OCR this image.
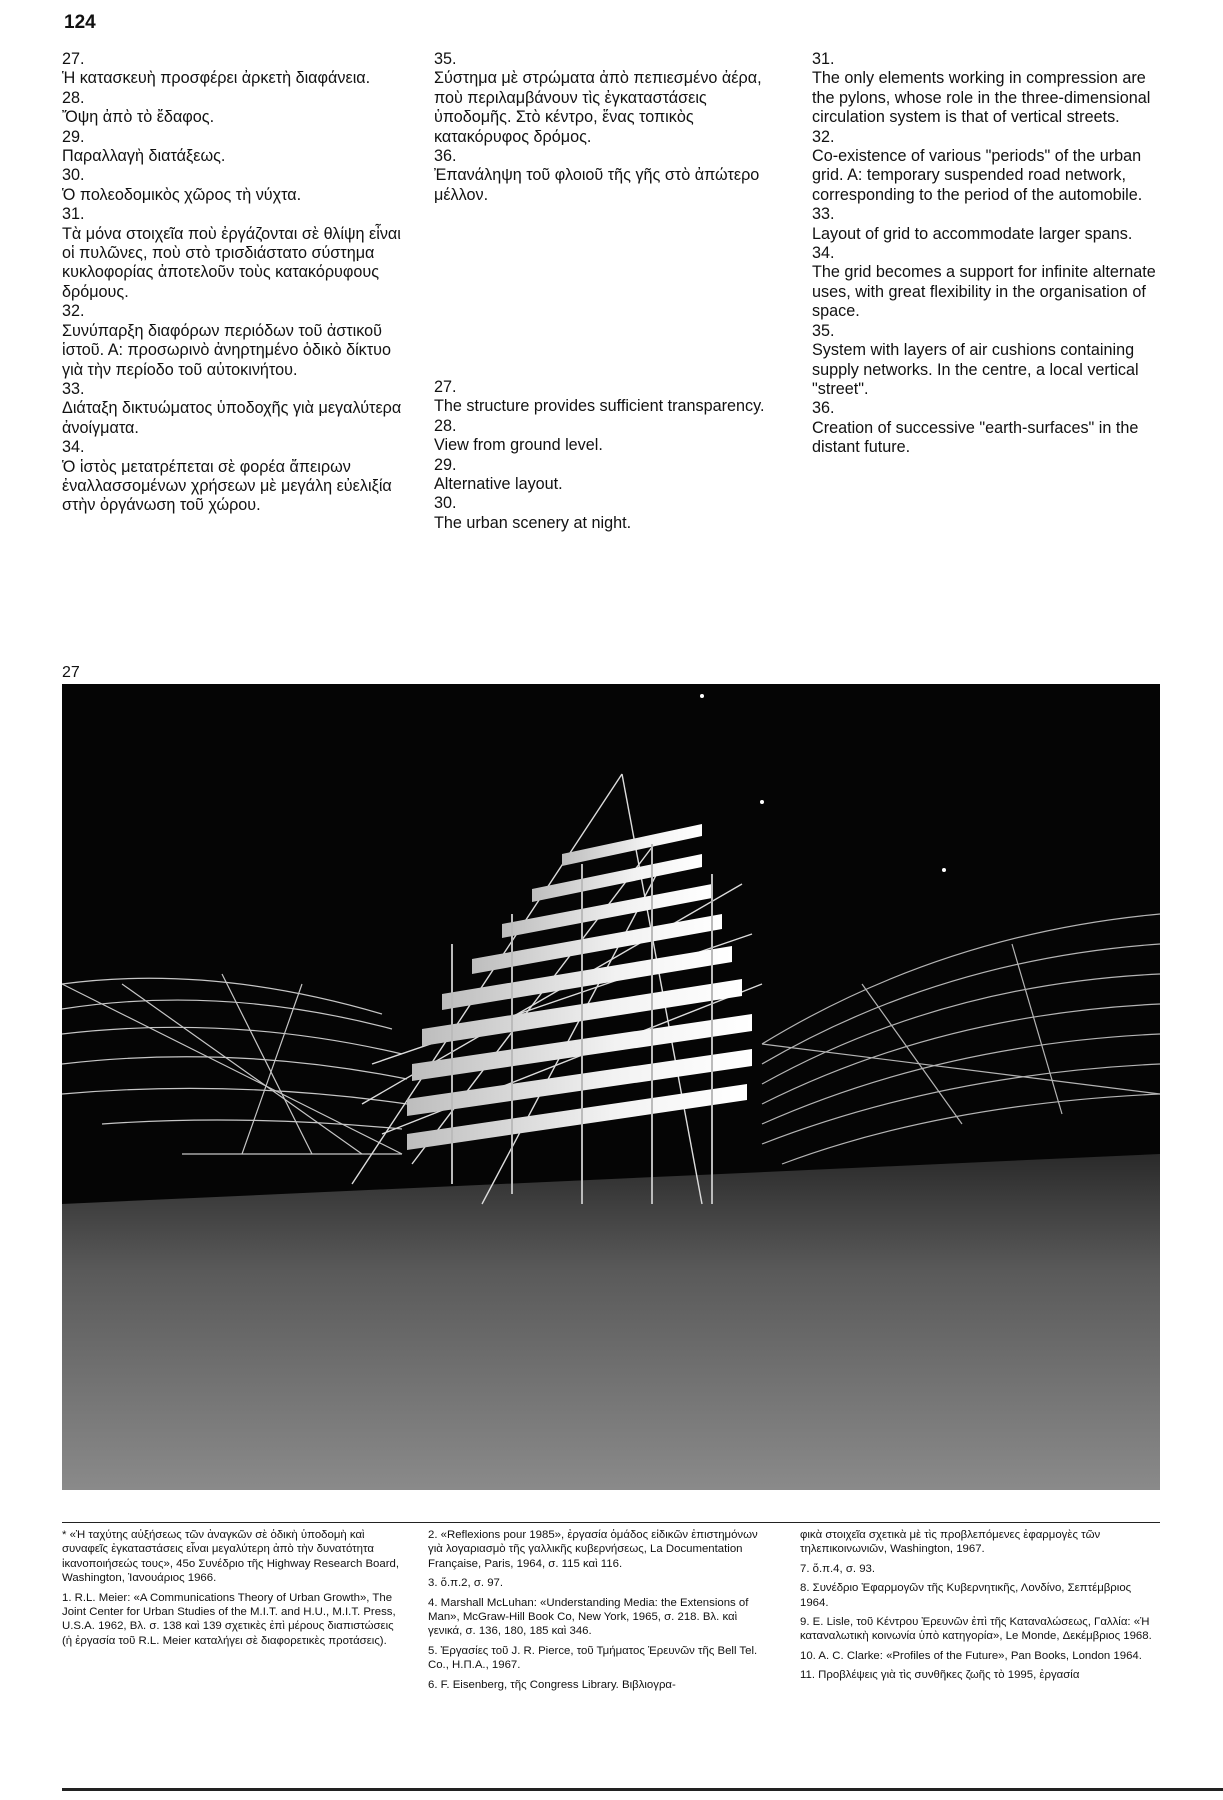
124

27.

Ἡ κατασκευὴ προσφέρει ἀρκετὴ διαφάνεια.

28.

Ὄψη ἀπὸ τὸ ἔδαφος.

29.

Παραλλαγὴ διατάξεως.

30.

Ὁ πολεοδομικὸς χῶρος τὴ νύχτα.

31.

Τὰ μόνα στοιχεῖα ποὺ ἐργάζονται σὲ θλίψη εἶναι οἱ πυλῶνες, ποὺ στὸ τρισδιάστατο σύστημα κυκλοφορίας ἀποτελοῦν τοὺς κατακόρυφους δρόμους.

32.

Συνύπαρξη διαφόρων περιόδων τοῦ ἀστικοῦ ἱστοῦ. Α: προσωρινὸ ἀνηρτημένο ὁδικὸ δίκτυο γιὰ τὴν περίοδο τοῦ αὐτοκινήτου.

33.

Διάταξη δικτυώματος ὑποδοχῆς γιὰ μεγαλύτερα ἀνοίγματα.

34.

Ὁ ἱστὸς μετατρέπεται σὲ φορέα ἄπειρων ἐναλλασσομένων χρήσεων μὲ μεγάλη εὐελιξία στὴν ὀργάνωση τοῦ χώρου.

35.

Σύστημα μὲ στρώματα ἀπὸ πεπιεσμένο ἀέρα, ποὺ περιλαμβάνουν τὶς ἐγκαταστάσεις ὑποδομῆς. Στὸ κέντρο, ἕνας τοπικὸς κατακόρυφος δρόμος.

36.

Ἐπανάληψη τοῦ φλοιοῦ τῆς γῆς στὸ ἀπώτερο μέλλον.

27.

The structure provides sufficient transparency.

28.

View from ground level.

29.

Alternative layout.

30.

The urban scenery at night.

31.

The only elements working in compression are the pylons, whose role in the three-dimensional circulation system is that of vertical streets.

32.

Co-existence of various "periods" of the urban grid. A: temporary suspended road network, corresponding to the period of the automobile.

33.

Layout of grid to accommodate larger spans.

34.

The grid becomes a support for infinite alternate uses, with great flexibility in the organisation of space.

35.

System with layers of air cushions containing supply networks. In the centre, a local vertical "street".

36.

Creation of successive "earth-surfaces" in the distant future.

27

* «Ἡ ταχύτης αὐξήσεως τῶν ἀναγκῶν σὲ ὁδικὴ ὑποδομὴ καὶ συναφεῖς ἐγκαταστάσεις εἶναι μεγαλύτερη ἀπὸ τὴν δυνατότητα ἱκανοποιήσεώς τους», 45ο Συνέδριο τῆς Highway Research Board, Washington, Ἰανουάριος 1966.

1. R.L. Meier: «A Communications Theory of Urban Growth», The Joint Center for Urban Studies of the M.I.T. and H.U., M.I.T. Press, U.S.A. 1962, Βλ. σ. 138 καὶ 139 σχετικὲς ἐπὶ μέρους διαπιστώσεις (ἡ ἐργασία τοῦ R.L. Meier καταλήγει σὲ διαφορετικὲς προτάσεις).

2. «Reflexions pour 1985», ἐργασία ὁμάδος εἰδικῶν ἐπιστημόνων γιὰ λογαριασμὸ τῆς γαλλικῆς κυβερνήσεως, La Documentation Française, Paris, 1964, σ. 115 καὶ 116.

3. ὅ.π.2, σ. 97.

4. Marshall McLuhan: «Understanding Media: the Extensions of Man», McGraw-Hill Book Co, New York, 1965, σ. 218. Βλ. καὶ γενικά, σ. 136, 180, 185 καὶ 346.

5. Ἐργασίες τοῦ J. R. Pierce, τοῦ Τμήματος Ἐρευνῶν τῆς Bell Tel. Co., Η.Π.Α., 1967.

6. F. Eisenberg, τῆς Congress Library. Βιβλιογρα-

φικὰ στοιχεῖα σχετικὰ μὲ τὶς προβλεπόμενες ἐφαρμογὲς τῶν τηλεπικοινωνιῶν, Washington, 1967.

7. ὅ.π.4, σ. 93.

8. Συνέδριο Ἐφαρμογῶν τῆς Κυβερνητικῆς, Λονδίνο, Σεπτέμβριος 1964.

9. E. Lisle, τοῦ Κέντρου Ἐρευνῶν ἐπὶ τῆς Καταναλώσεως, Γαλλία: «Ἡ καταναλωτικὴ κοινωνία ὑπὸ κατηγορία», Le Monde, Δεκέμβριος 1968.

10. A. C. Clarke: «Profiles of the Future», Pan Books, London 1964.

11. Προβλέψεις γιὰ τὶς συνθῆκες ζωῆς τὸ 1995, ἐργασία
